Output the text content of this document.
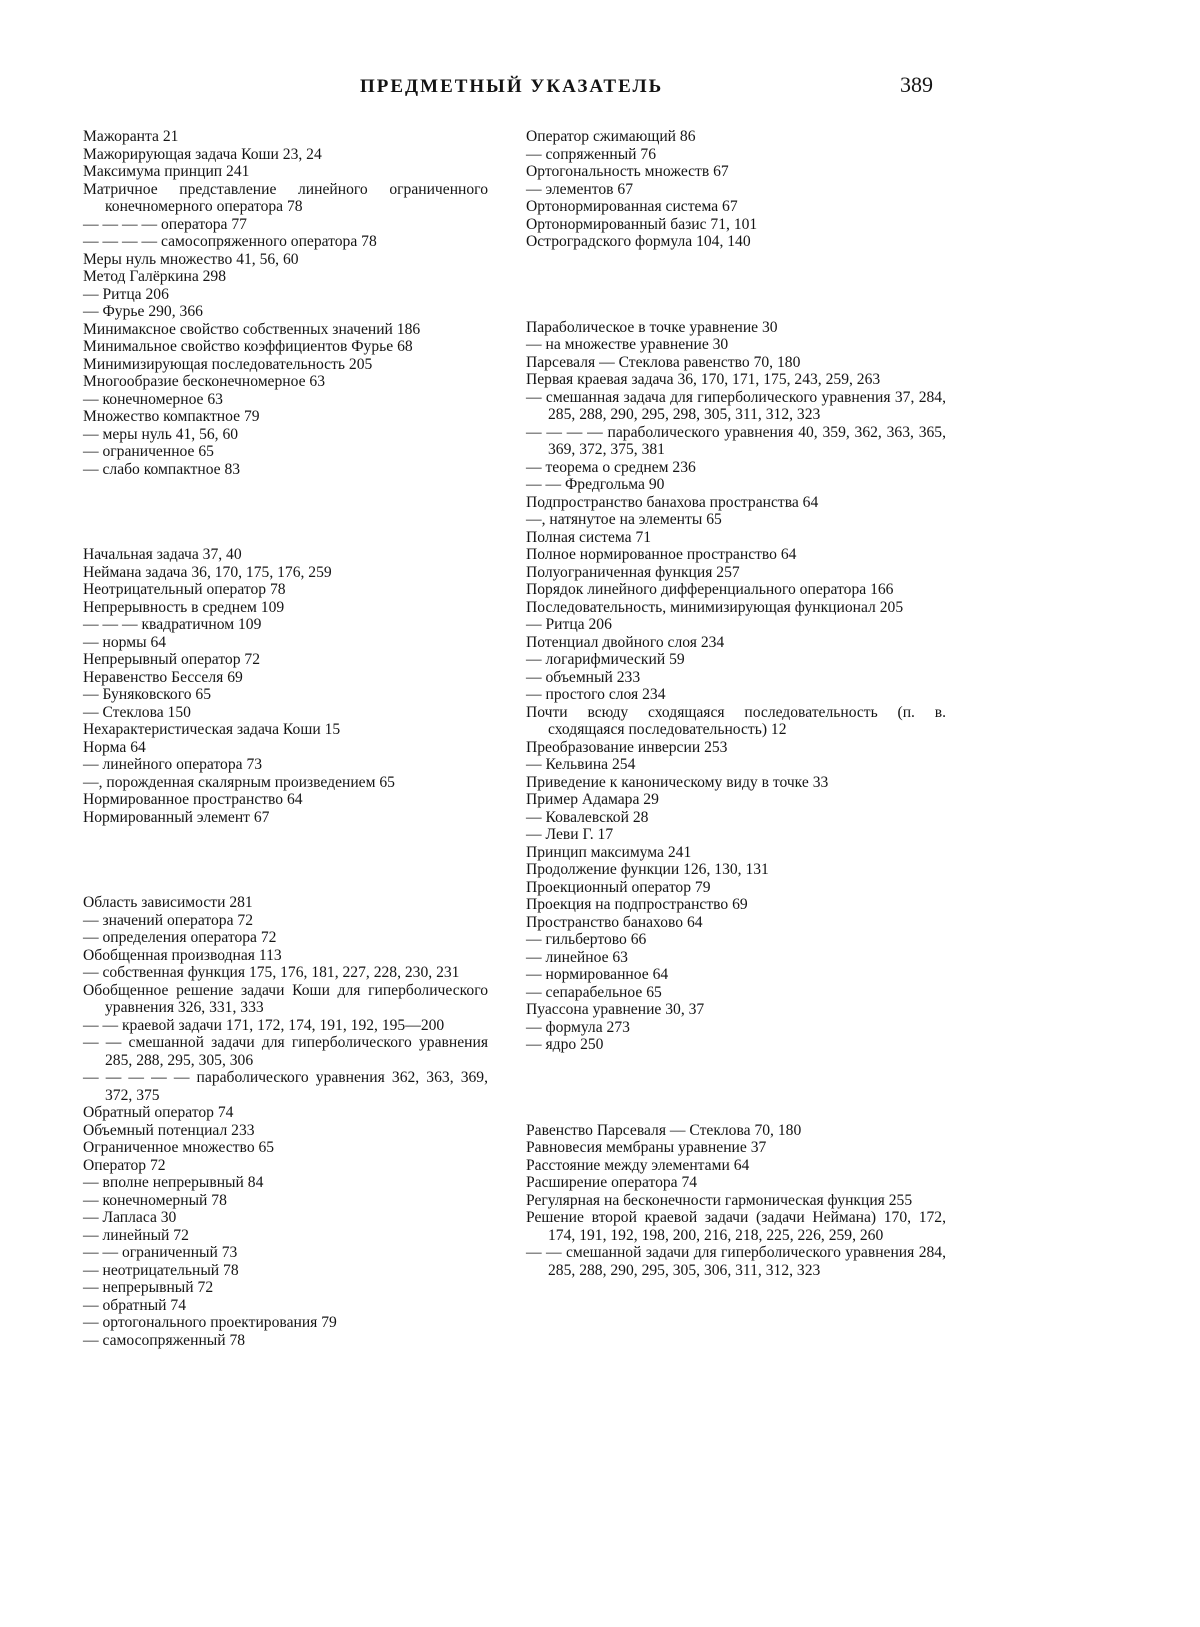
ПРЕДМЕТНЫЙ УКАЗАТЕЛЬ	389
Мажоранта 21
Мажорирующая задача Коши 23, 24
Максимума принцип 241
Матричное представление линейного ограниченного конечномерного оператора 78
— — — — оператора 77
— — — — самосопряженного оператора 78
Меры нуль множество 41, 56, 60
Метод Галёркина 298
— Ритца 206
— Фурье 290, 366
Минимаксное свойство собственных значений 186
Минимальное свойство коэффициентов Фурье 68
Минимизирующая последовательность 205
Многообразие бесконечномерное 63
— конечномерное 63
Множество компактное 79
— меры нуль 41, 56, 60
— ограниченное 65
— слабо компактное 83
Начальная задача 37, 40
Неймана задача 36, 170, 175, 176, 259
Неотрицательный оператор 78
Непрерывность в среднем 109
— — — квадратичном 109
— нормы 64
Непрерывный оператор 72
Неравенство Бесселя 69
— Буняковского 65
— Стеклова 150
Нехарактеристическая задача Коши 15
Норма 64
— линейного оператора 73
—, порожденная скалярным произведением 65
Нормированное пространство 64
Нормированный элемент 67
Область зависимости 281
— значений оператора 72
— определения оператора 72
Обобщенная производная 113
— собственная функция 175, 176, 181, 227, 228, 230, 231
Обобщенное решение задачи Коши для гиперболического уравнения 326, 331, 333
— — краевой задачи 171, 172, 174, 191, 192, 195—200
— — смешанной задачи для гиперболического уравнения 285, 288, 295, 305, 306
— — — — — параболического уравнения 362, 363, 369, 372, 375
Обратный оператор 74
Объемный потенциал 233
Ограниченное множество 65
Оператор 72
— вполне непрерывный 84
— конечномерный 78
— Лапласа 30
— линейный 72
— — ограниченный 73
— неотрицательный 78
— непрерывный 72
— обратный 74
— ортогонального проектирования 79
— самосопряженный 78
Оператор сжимающий 86
— сопряженный 76
Ортогональность множеств 67
— элементов 67
Ортонормированная система 67
Ортонормированный базис 71, 101
Остроградского формула 104, 140
Параболическое в точке уравнение 30
— на множестве уравнение 30
Парсеваля — Стеклова равенство 70, 180
Первая краевая задача 36, 170, 171, 175, 243, 259, 263
— смешанная задача для гиперболического уравнения 37, 284, 285, 288, 290, 295, 298, 305, 311, 312, 323
— — — — параболического уравнения 40, 359, 362, 363, 365, 369, 372, 375, 381
— теорема о среднем 236
— — Фредгольма 90
Подпространство банахова пространства 64
—, натянутое на элементы 65
Полная система 71
Полное нормированное пространство 64
Полуограниченная функция 257
Порядок линейного дифференциального оператора 166
Последовательность, минимизирующая функционал 205
— Ритца 206
Потенциал двойного слоя 234
— логарифмический 59
— объемный 233
— простого слоя 234
Почти всюду сходящаяся последовательность (п. в. сходящаяся последовательность) 12
Преобразование инверсии 253
— Кельвина 254
Приведение к каноническому виду в точке 33
Пример Адамара 29
— Ковалевской 28
— Леви Г. 17
Принцип максимума 241
Продолжение функции 126, 130, 131
Проекционный оператор 79
Проекция на подпространство 69
Пространство банахово 64
— гильбертово 66
— линейное 63
— нормированное 64
— сепарабельное 65
Пуассона уравнение 30, 37
— формула 273
— ядро 250
Равенство Парсеваля — Стеклова 70, 180
Равновесия мембраны уравнение 37
Расстояние между элементами 64
Расширение оператора 74
Регулярная на бесконечности гармоническая функция 255
Решение второй краевой задачи (задачи Неймана) 170, 172, 174, 191, 192, 198, 200, 216, 218, 225, 226, 259, 260
— — смешанной задачи для гиперболического уравнения 284, 285, 288, 290, 295, 305, 306, 311, 312, 323
